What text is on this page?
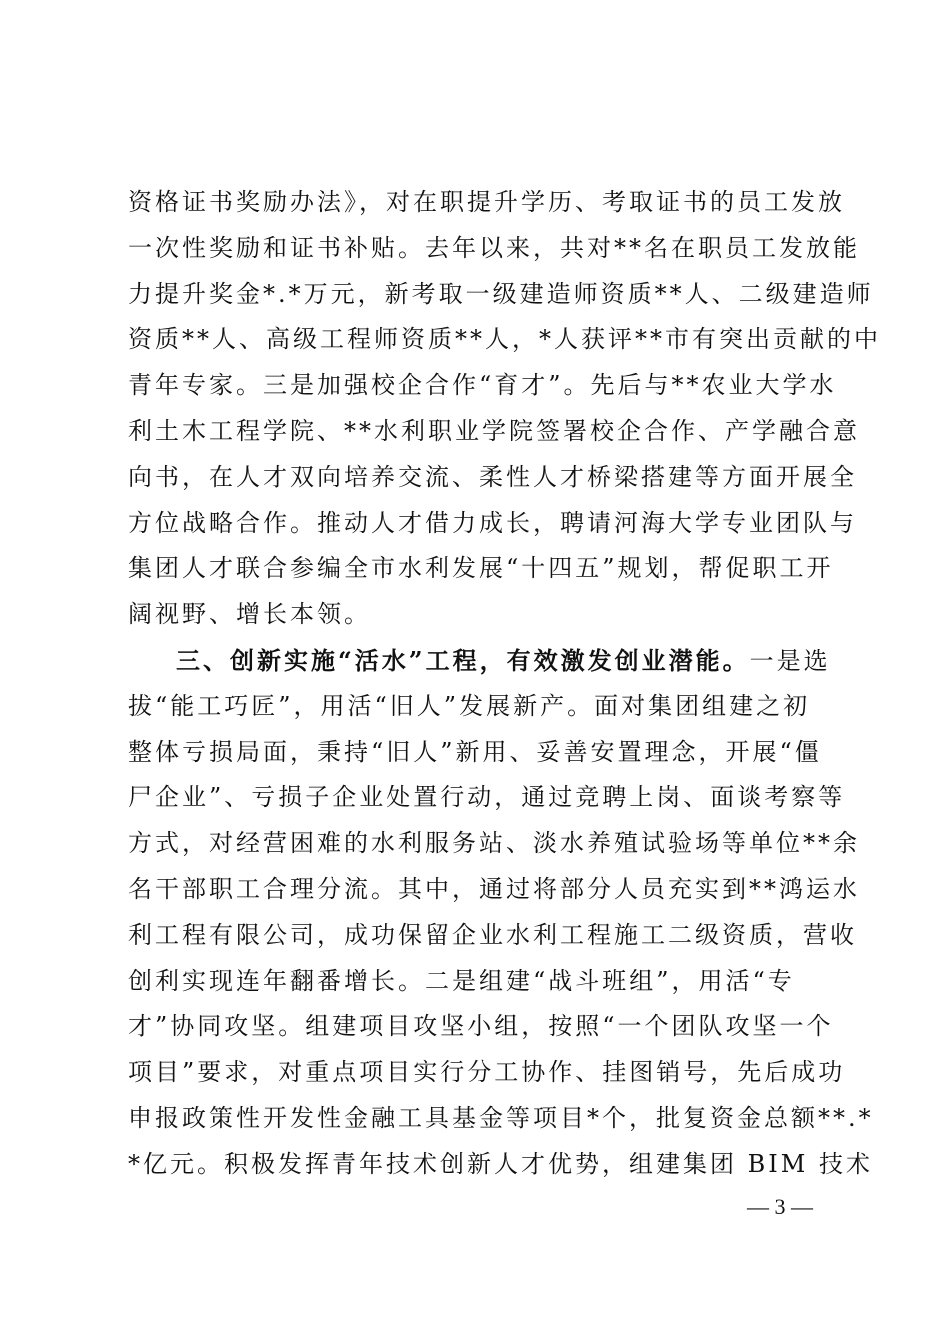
资格证书奖励办法》，对在职提升学历、考取证书的员工发放
一次性奖励和证书补贴。去年以来，共对**名在职员工发放能
力提升奖金*.*万元，新考取一级建造师资质**人、二级建造师
资质**人、高级工程师资质**人，*人获评**市有突出贡献的中
青年专家。三是加强校企合作“育才”。先后与**农业大学水
利土木工程学院、**水利职业学院签署校企合作、产学融合意
向书，在人才双向培养交流、柔性人才桥梁搭建等方面开展全
方位战略合作。推动人才借力成长，聘请河海大学专业团队与
集团人才联合参编全市水利发展“十四五”规划，帮促职工开
阔视野、增长本领。
三、创新实施“活水”工程，有效激发创业潜能。一是选
拔“能工巧匠”，用活“旧人”发展新产。面对集团组建之初
整体亏损局面，秉持“旧人”新用、妥善安置理念，开展“僵
尸企业”、亏损子企业处置行动，通过竞聘上岗、面谈考察等
方式，对经营困难的水利服务站、淡水养殖试验场等单位**余
名干部职工合理分流。其中，通过将部分人员充实到**鸿运水
利工程有限公司，成功保留企业水利工程施工二级资质，营收
创利实现连年翻番增长。二是组建“战斗班组”，用活“专
才”协同攻坚。组建项目攻坚小组，按照“一个团队攻坚一个
项目”要求，对重点项目实行分工协作、挂图销号，先后成功
申报政策性开发性金融工具基金等项目*个，批复资金总额**.*
*亿元。积极发挥青年技术创新人才优势，组建集团 BIM 技术
— 3 —
